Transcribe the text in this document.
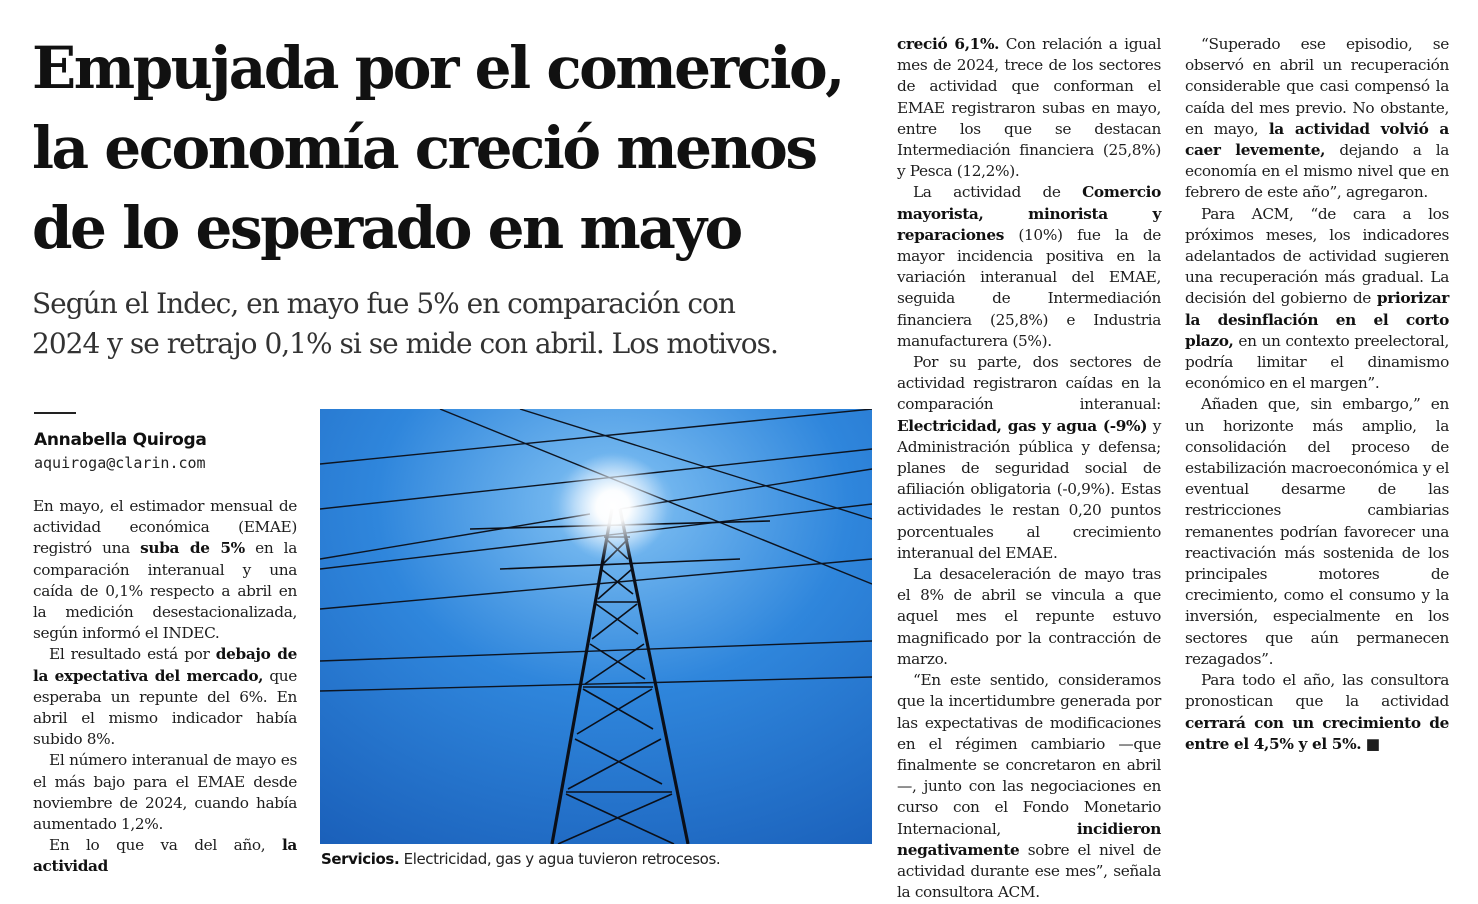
Empujada por el comercio,
la economía creció menos
de lo esperado en mayo
Según el Indec, en mayo fue 5% en comparación con
2024 y se retrajo 0,1% si se mide con abril. Los motivos.
Annabella Quiroga
aquiroga@clarin.com

En mayo, el estimador mensual de actividad económica (EMAE) registró una suba de 5% en la comparación interanual y una caída de 0,1% respecto a abril en la medición desestacionalizada, según informó el INDEC.

El resultado está por debajo de la expectativa del mercado, que esperaba un repunte del 6%. En abril el mismo indicador había subido 8%.

El número interanual de mayo es el más bajo para el EMAE desde noviembre de 2024, cuando había aumentado 1,2%.

En lo que va del año, la actividad	Servicios. Electricidad, gas y agua tuvieron retrocesos.

creció 6,1%. Con relación a igual mes de 2024, trece de los sectores de actividad que conforman el EMAE registraron subas en mayo, entre los que se destacan Intermediación financiera (25,8%) y Pesca (12,2%).

La actividad de Comercio mayorista, minorista y reparaciones (10%) fue la de mayor incidencia positiva en la variación interanual del EMAE, seguida de Intermediación financiera (25,8%) e Industria manufacturera (5%).

Por su parte, dos sectores de actividad registraron caídas en la comparación interanual: Electricidad, gas y agua (-9%) y Administración pública y defensa; planes de seguridad social de afiliación obligatoria (-0,9%). Estas actividades le restan 0,20 puntos porcentuales al crecimiento interanual del EMAE.

La desaceleración de mayo tras el 8% de abril se vincula a que aquel mes el repunte estuvo magnificado por la contracción de marzo.

“En este sentido, consideramos que la incertidumbre generada por las expectativas de modificaciones en el régimen cambiario —que finalmente se concretaron en abril—, junto con las negociaciones en curso con el Fondo Monetario Internacional, incidieron negativamente sobre el nivel de actividad durante ese mes”, señala la consultora ACM.

“Superado ese episodio, se observó en abril un recuperación considerable que casi compensó la caída del mes previo. No obstante, en mayo, la actividad volvió a caer levemente, dejando a la economía en el mismo nivel que en febrero de este año”, agregaron.

Para ACM, “de cara a los próximos meses, los indicadores adelantados de actividad sugieren una recuperación más gradual. La decisión del gobierno de priorizar la desinflación en el corto plazo, en un contexto preelectoral, podría limitar el dinamismo económico en el margen”.

Añaden que, sin embargo,” en un horizonte más amplio, la consolidación del proceso de estabilización macroeconómica y el eventual desarme de las restricciones cambiarias remanentes podrían favorecer una reactivación más sostenida de los principales motores de crecimiento, como el consumo y la inversión, especialmente en los sectores que aún permanecen rezagados”.

Para todo el año, las consultora pronostican que la actividad cerrará con un crecimiento de entre el 4,5% y el 5%. ■
